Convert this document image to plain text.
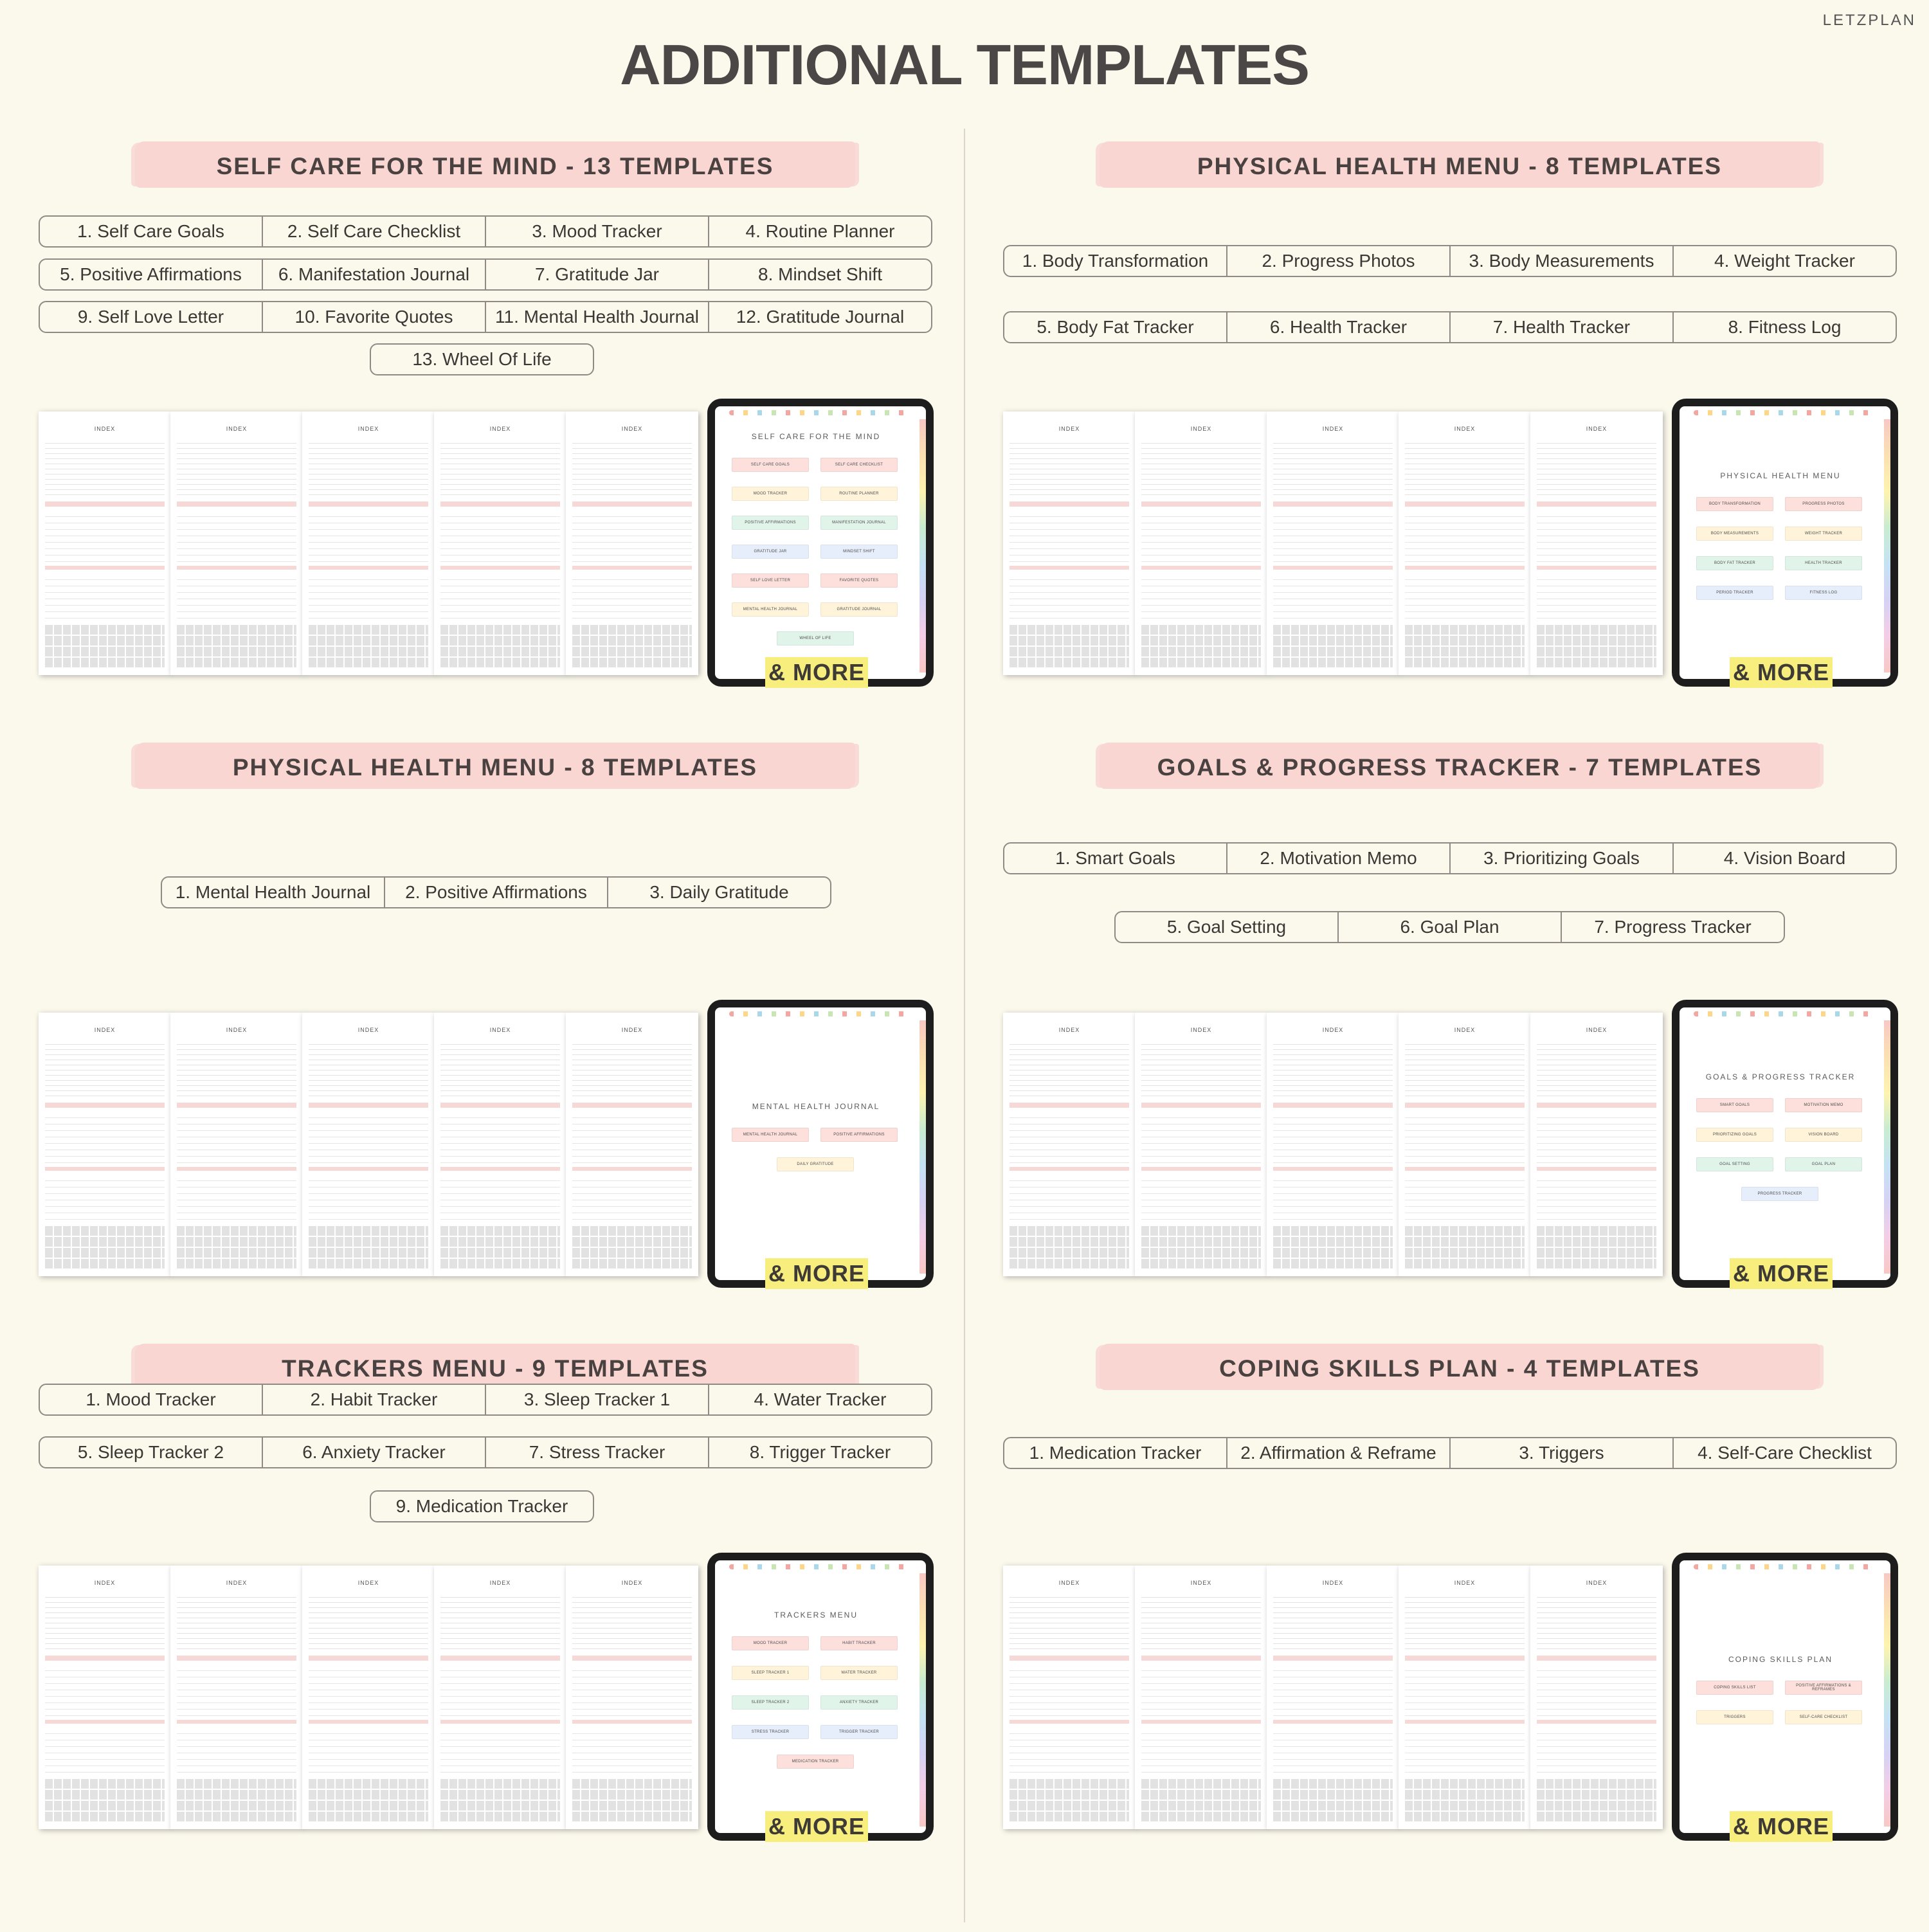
LETZPLAN
ADDITIONAL TEMPLATES
SELF CARE FOR THE MIND - 13 TEMPLATES
1. Self Care Goals	2. Self Care Checklist	3. Mood Tracker	4. Routine Planner
5. Positive Affirmations	6. Manifestation Journal	7. Gratitude Jar	8. Mindset Shift
9. Self Love Letter	10. Favorite Quotes	11. Mental Health Journal	12. Gratitude Journal
13. Wheel Of Life
INDEX	INDEX	INDEX	INDEX	INDEX
SELF CARE FOR THE MIND
SELF CARE GOALS	SELF CARE CHECKLIST
MOOD TRACKER	ROUTINE PLANNER
POSITIVE AFFIRMATIONS	MANIFESTATION JOURNAL
GRATITUDE JAR	MINDSET SHIFT
SELF LOVE LETTER	FAVORITE QUOTES
MENTAL HEALTH JOURNAL	GRATITUDE JOURNAL
WHEEL OF LIFE
& MORE
PHYSICAL HEALTH MENU - 8 TEMPLATES
1. Body Transformation	2. Progress Photos	3. Body Measurements	4. Weight Tracker
5. Body Fat Tracker	6. Health Tracker	7. Health Tracker	8. Fitness Log
INDEX	INDEX	INDEX	INDEX	INDEX
PHYSICAL HEALTH MENU
BODY TRANSFORMATION	PROGRESS PHOTOS
BODY MEASUREMENTS	WEIGHT TRACKER
BODY FAT TRACKER	HEALTH TRACKER
PERIOD TRACKER	FITNESS LOG
& MORE
PHYSICAL HEALTH MENU - 8 TEMPLATES
1. Mental Health Journal	2. Positive Affirmations	3. Daily Gratitude
INDEX	INDEX	INDEX	INDEX	INDEX
MENTAL HEALTH JOURNAL
MENTAL HEALTH JOURNAL	POSITIVE AFFIRMATIONS
DAILY GRATITUDE
& MORE
GOALS & PROGRESS TRACKER - 7 TEMPLATES
1. Smart Goals	2. Motivation Memo	3. Prioritizing Goals	4. Vision Board
5. Goal Setting	6. Goal Plan	7. Progress Tracker
INDEX	INDEX	INDEX	INDEX	INDEX
GOALS & PROGRESS TRACKER
SMART GOALS	MOTIVATION MEMO
PRIORITIZING GOALS	VISION BOARD
GOAL SETTING	GOAL PLAN
PROGRESS TRACKER
& MORE
TRACKERS MENU - 9 TEMPLATES
1. Mood Tracker	2. Habit Tracker	3. Sleep Tracker 1	4. Water Tracker
5. Sleep Tracker 2	6. Anxiety Tracker	7. Stress Tracker	8. Trigger Tracker
9. Medication Tracker
INDEX	INDEX	INDEX	INDEX	INDEX
TRACKERS MENU
MOOD TRACKER	HABIT TRACKER
SLEEP TRACKER 1	WATER TRACKER
SLEEP TRACKER 2	ANXIETY TRACKER
STRESS TRACKER	TRIGGER TRACKER
MEDICATION TRACKER
& MORE
COPING SKILLS PLAN - 4 TEMPLATES
1. Medication Tracker	2. Affirmation & Reframe	3. Triggers	4. Self-Care Checklist
INDEX	INDEX	INDEX	INDEX	INDEX
COPING SKILLS PLAN
COPING SKILLS LIST	POSITIVE AFFIRMATIONS & REFRAMES
TRIGGERS	SELF-CARE CHECKLIST
& MORE
